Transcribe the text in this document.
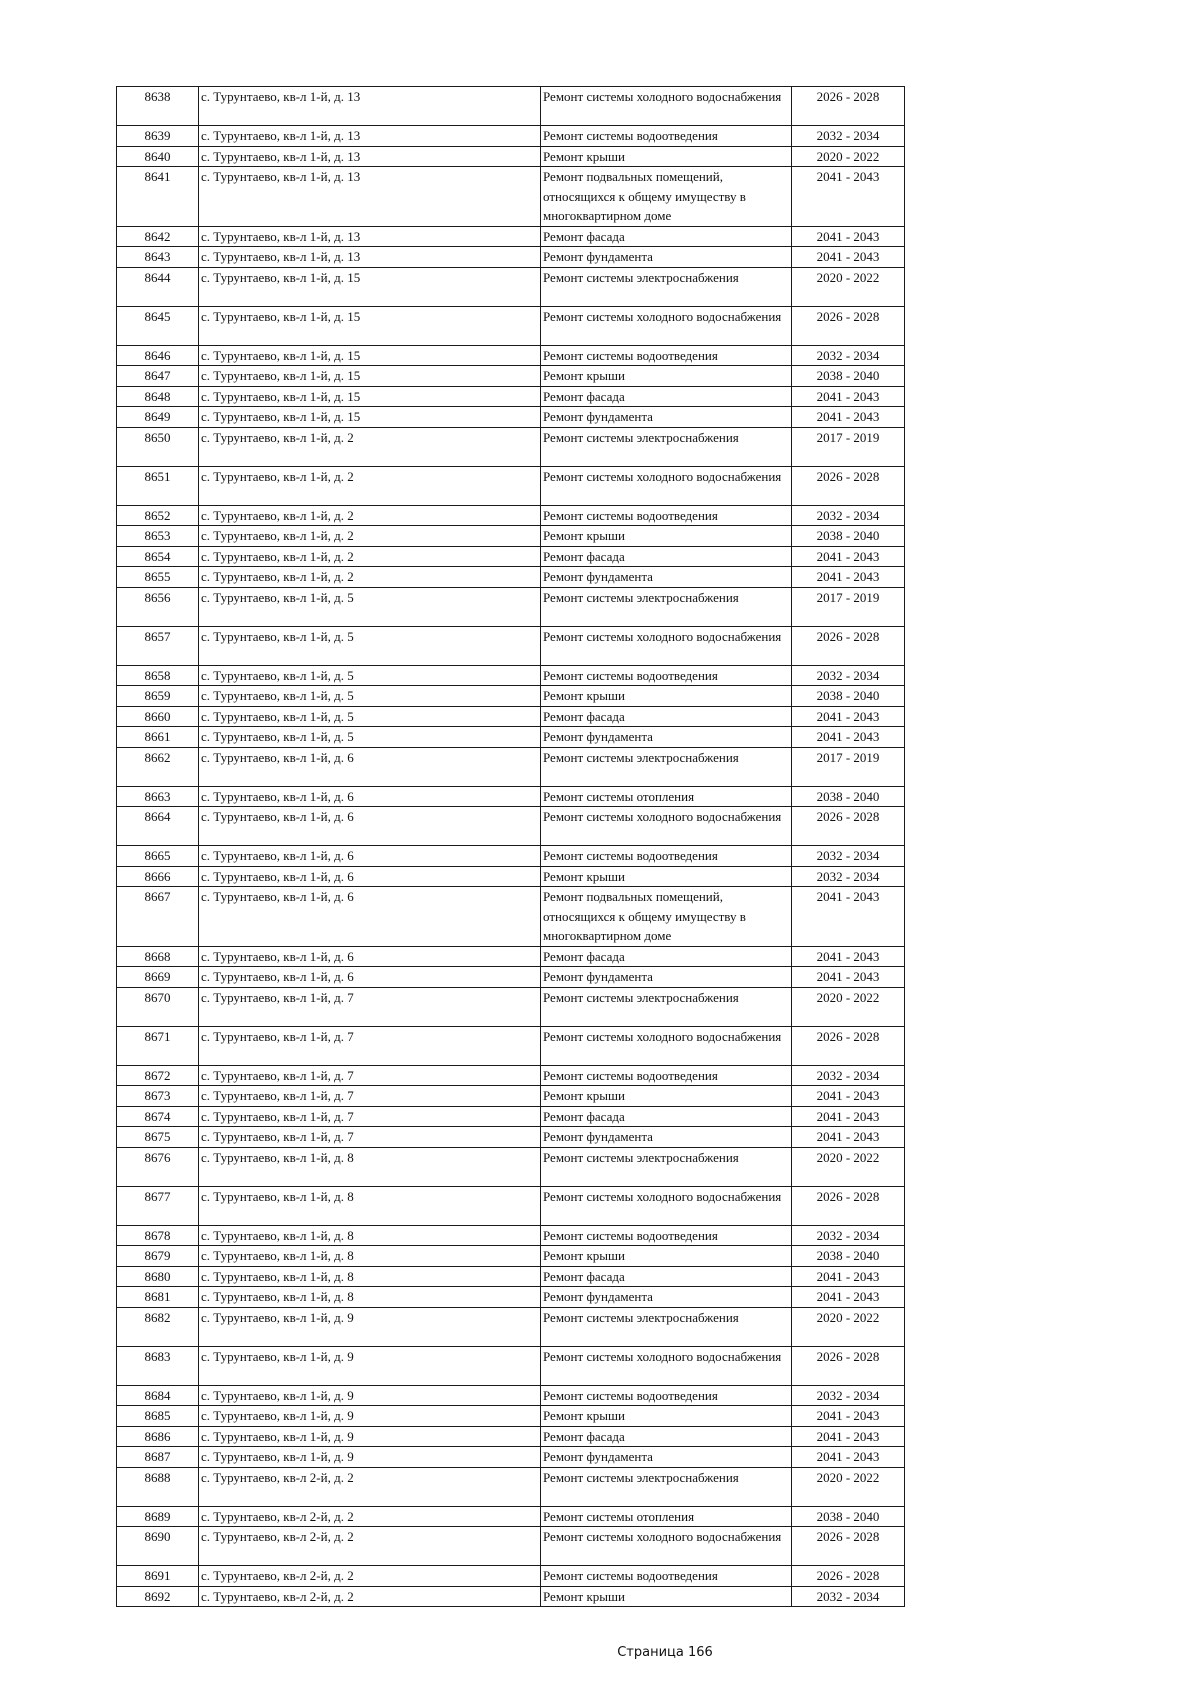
8638	с. Турунтаево, кв-л 1-й, д. 13	Ремонт системы холодного водоснабжения	2026 - 2028
8639	с. Турунтаево, кв-л 1-й, д. 13	Ремонт системы водоотведения	2032 - 2034
8640	с. Турунтаево, кв-л 1-й, д. 13	Ремонт крыши	2020 - 2022
8641	с. Турунтаево, кв-л 1-й, д. 13	Ремонт подвальных помещений, относящихся к общему имуществу в многоквартирном доме	2041 - 2043
8642	с. Турунтаево, кв-л 1-й, д. 13	Ремонт фасада	2041 - 2043
8643	с. Турунтаево, кв-л 1-й, д. 13	Ремонт фундамента	2041 - 2043
8644	с. Турунтаево, кв-л 1-й, д. 15	Ремонт системы электроснабжения	2020 - 2022
8645	с. Турунтаево, кв-л 1-й, д. 15	Ремонт системы холодного водоснабжения	2026 - 2028
8646	с. Турунтаево, кв-л 1-й, д. 15	Ремонт системы водоотведения	2032 - 2034
8647	с. Турунтаево, кв-л 1-й, д. 15	Ремонт крыши	2038 - 2040
8648	с. Турунтаево, кв-л 1-й, д. 15	Ремонт фасада	2041 - 2043
8649	с. Турунтаево, кв-л 1-й, д. 15	Ремонт фундамента	2041 - 2043
8650	с. Турунтаево, кв-л 1-й, д. 2	Ремонт системы электроснабжения	2017 - 2019
8651	с. Турунтаево, кв-л 1-й, д. 2	Ремонт системы холодного водоснабжения	2026 - 2028
8652	с. Турунтаево, кв-л 1-й, д. 2	Ремонт системы водоотведения	2032 - 2034
8653	с. Турунтаево, кв-л 1-й, д. 2	Ремонт крыши	2038 - 2040
8654	с. Турунтаево, кв-л 1-й, д. 2	Ремонт фасада	2041 - 2043
8655	с. Турунтаево, кв-л 1-й, д. 2	Ремонт фундамента	2041 - 2043
8656	с. Турунтаево, кв-л 1-й, д. 5	Ремонт системы электроснабжения	2017 - 2019
8657	с. Турунтаево, кв-л 1-й, д. 5	Ремонт системы холодного водоснабжения	2026 - 2028
8658	с. Турунтаево, кв-л 1-й, д. 5	Ремонт системы водоотведения	2032 - 2034
8659	с. Турунтаево, кв-л 1-й, д. 5	Ремонт крыши	2038 - 2040
8660	с. Турунтаево, кв-л 1-й, д. 5	Ремонт фасада	2041 - 2043
8661	с. Турунтаево, кв-л 1-й, д. 5	Ремонт фундамента	2041 - 2043
8662	с. Турунтаево, кв-л 1-й, д. 6	Ремонт системы электроснабжения	2017 - 2019
8663	с. Турунтаево, кв-л 1-й, д. 6	Ремонт системы отопления	2038 - 2040
8664	с. Турунтаево, кв-л 1-й, д. 6	Ремонт системы холодного водоснабжения	2026 - 2028
8665	с. Турунтаево, кв-л 1-й, д. 6	Ремонт системы водоотведения	2032 - 2034
8666	с. Турунтаево, кв-л 1-й, д. 6	Ремонт крыши	2032 - 2034
8667	с. Турунтаево, кв-л 1-й, д. 6	Ремонт подвальных помещений, относящихся к общему имуществу в многоквартирном доме	2041 - 2043
8668	с. Турунтаево, кв-л 1-й, д. 6	Ремонт фасада	2041 - 2043
8669	с. Турунтаево, кв-л 1-й, д. 6	Ремонт фундамента	2041 - 2043
8670	с. Турунтаево, кв-л 1-й, д. 7	Ремонт системы электроснабжения	2020 - 2022
8671	с. Турунтаево, кв-л 1-й, д. 7	Ремонт системы холодного водоснабжения	2026 - 2028
8672	с. Турунтаево, кв-л 1-й, д. 7	Ремонт системы водоотведения	2032 - 2034
8673	с. Турунтаево, кв-л 1-й, д. 7	Ремонт крыши	2041 - 2043
8674	с. Турунтаево, кв-л 1-й, д. 7	Ремонт фасада	2041 - 2043
8675	с. Турунтаево, кв-л 1-й, д. 7	Ремонт фундамента	2041 - 2043
8676	с. Турунтаево, кв-л 1-й, д. 8	Ремонт системы электроснабжения	2020 - 2022
8677	с. Турунтаево, кв-л 1-й, д. 8	Ремонт системы холодного водоснабжения	2026 - 2028
8678	с. Турунтаево, кв-л 1-й, д. 8	Ремонт системы водоотведения	2032 - 2034
8679	с. Турунтаево, кв-л 1-й, д. 8	Ремонт крыши	2038 - 2040
8680	с. Турунтаево, кв-л 1-й, д. 8	Ремонт фасада	2041 - 2043
8681	с. Турунтаево, кв-л 1-й, д. 8	Ремонт фундамента	2041 - 2043
8682	с. Турунтаево, кв-л 1-й, д. 9	Ремонт системы электроснабжения	2020 - 2022
8683	с. Турунтаево, кв-л 1-й, д. 9	Ремонт системы холодного водоснабжения	2026 - 2028
8684	с. Турунтаево, кв-л 1-й, д. 9	Ремонт системы водоотведения	2032 - 2034
8685	с. Турунтаево, кв-л 1-й, д. 9	Ремонт крыши	2041 - 2043
8686	с. Турунтаево, кв-л 1-й, д. 9	Ремонт фасада	2041 - 2043
8687	с. Турунтаево, кв-л 1-й, д. 9	Ремонт фундамента	2041 - 2043
8688	с. Турунтаево, кв-л 2-й, д. 2	Ремонт системы электроснабжения	2020 - 2022
8689	с. Турунтаево, кв-л 2-й, д. 2	Ремонт системы отопления	2038 - 2040
8690	с. Турунтаево, кв-л 2-й, д. 2	Ремонт системы холодного водоснабжения	2026 - 2028
8691	с. Турунтаево, кв-л 2-й, д. 2	Ремонт системы водоотведения	2026 - 2028
8692	с. Турунтаево, кв-л 2-й, д. 2	Ремонт крыши	2032 - 2034
Страница 166
